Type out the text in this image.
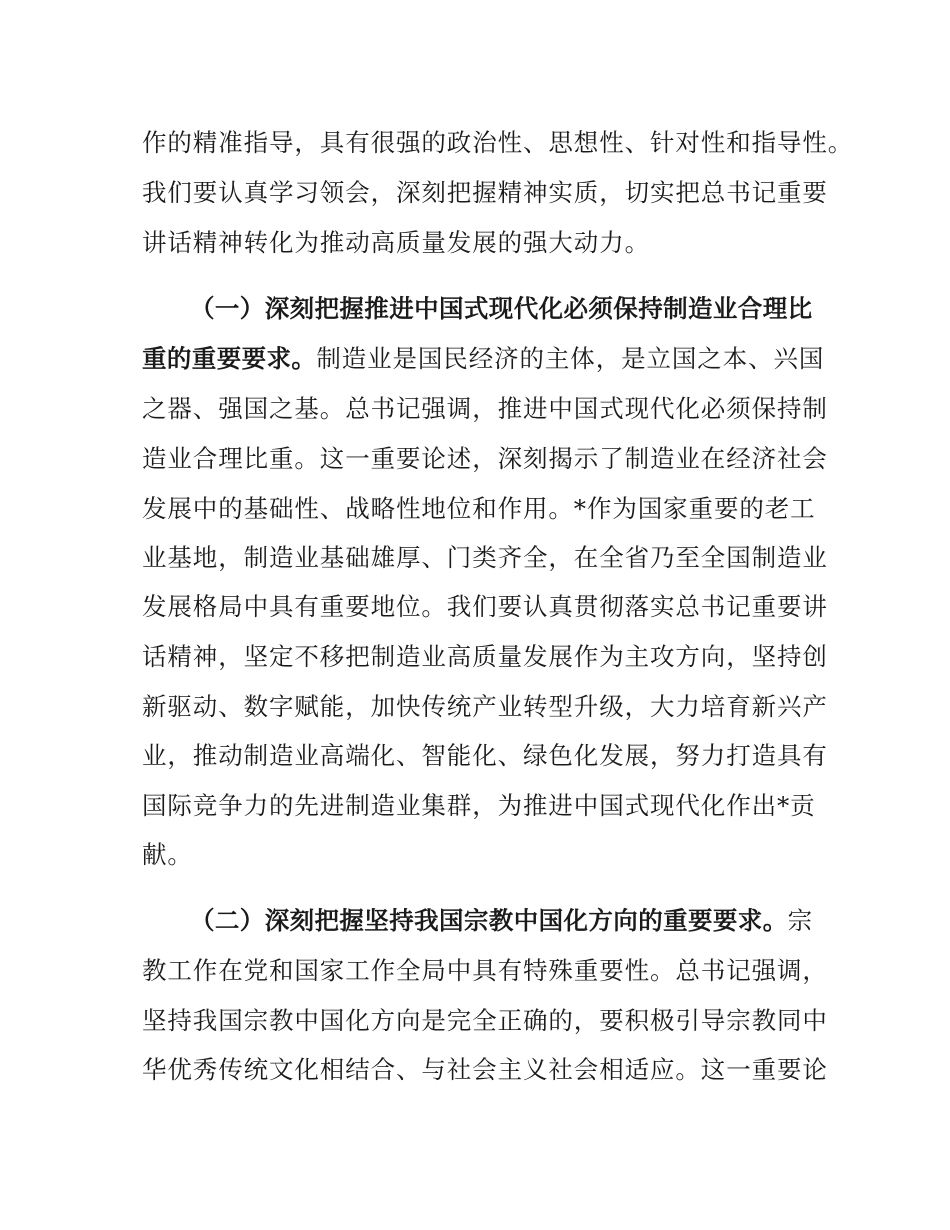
作的精准指导，具有很强的政治性、思想性、针对性和指导性。
我们要认真学习领会，深刻把握精神实质，切实把总书记重要
讲话精神转化为推动高质量发展的强大动力。
（一）深刻把握推进中国式现代化必须保持制造业合理比
重的重要要求。制造业是国民经济的主体，是立国之本、兴国
之器、强国之基。总书记强调，推进中国式现代化必须保持制
造业合理比重。这一重要论述，深刻揭示了制造业在经济社会
发展中的基础性、战略性地位和作用。*作为国家重要的老工
业基地，制造业基础雄厚、门类齐全，在全省乃至全国制造业
发展格局中具有重要地位。我们要认真贯彻落实总书记重要讲
话精神，坚定不移把制造业高质量发展作为主攻方向，坚持创
新驱动、数字赋能，加快传统产业转型升级，大力培育新兴产
业，推动制造业高端化、智能化、绿色化发展，努力打造具有
国际竞争力的先进制造业集群，为推进中国式现代化作出*贡
献。
（二）深刻把握坚持我国宗教中国化方向的重要要求。宗
教工作在党和国家工作全局中具有特殊重要性。总书记强调，
坚持我国宗教中国化方向是完全正确的，要积极引导宗教同中
华优秀传统文化相结合、与社会主义社会相适应。这一重要论
